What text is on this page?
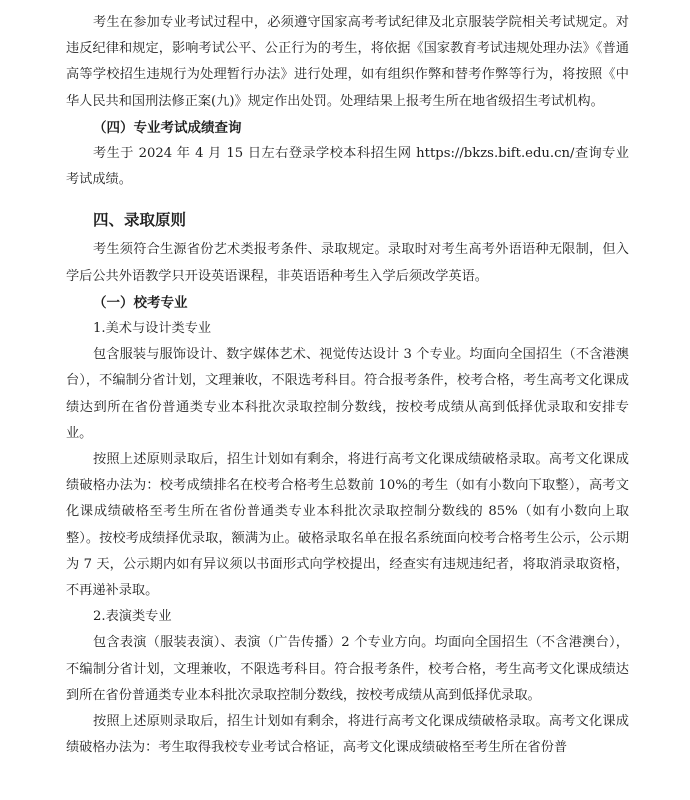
考生在参加专业考试过程中，必须遵守国家高考考试纪律及北京服装学院相关考试规定。对违反纪律和规定，影响考试公平、公正行为的考生，将依据《国家教育考试违规处理办法》《普通高等学校招生违规行为处理暂行办法》进行处理，如有组织作弊和替考作弊等行为，将按照《中华人民共和国刑法修正案(九)》规定作出处罚。处理结果上报考生所在地省级招生考试机构。

（四）专业考试成绩查询

考生于 2024 年 4 月 15 日左右登录学校本科招生网 https://bkzs.bift.edu.cn/查询专业考试成绩。

四、录取原则

考生须符合生源省份艺术类报考条件、录取规定。录取时对考生高考外语语种无限制，但入学后公共外语教学只开设英语课程，非英语语种考生入学后须改学英语。

（一）校考专业

1.美术与设计类专业

包含服装与服饰设计、数字媒体艺术、视觉传达设计 3 个专业。均面向全国招生（不含港澳台），不编制分省计划，文理兼收，不限选考科目。符合报考条件，校考合格，考生高考文化课成绩达到所在省份普通类专业本科批次录取控制分数线，按校考成绩从高到低择优录取和安排专业。

按照上述原则录取后，招生计划如有剩余，将进行高考文化课成绩破格录取。高考文化课成绩破格办法为：校考成绩排名在校考合格考生总数前 10%的考生（如有小数向下取整），高考文化课成绩破格至考生所在省份普通类专业本科批次录取控制分数线的 85%（如有小数向上取整）。按校考成绩择优录取，额满为止。破格录取名单在报名系统面向校考合格考生公示，公示期为 7 天，公示期内如有异议须以书面形式向学校提出，经查实有违规违纪者，将取消录取资格，不再递补录取。

2.表演类专业

包含表演（服装表演）、表演（广告传播）2 个专业方向。均面向全国招生（不含港澳台），不编制分省计划，文理兼收，不限选考科目。符合报考条件，校考合格，考生高考文化课成绩达到所在省份普通类专业本科批次录取控制分数线，按校考成绩从高到低择优录取。

按照上述原则录取后，招生计划如有剩余，将进行高考文化课成绩破格录取。高考文化课成绩破格办法为：考生取得我校专业考试合格证，高考文化课成绩破格至考生所在省份普
